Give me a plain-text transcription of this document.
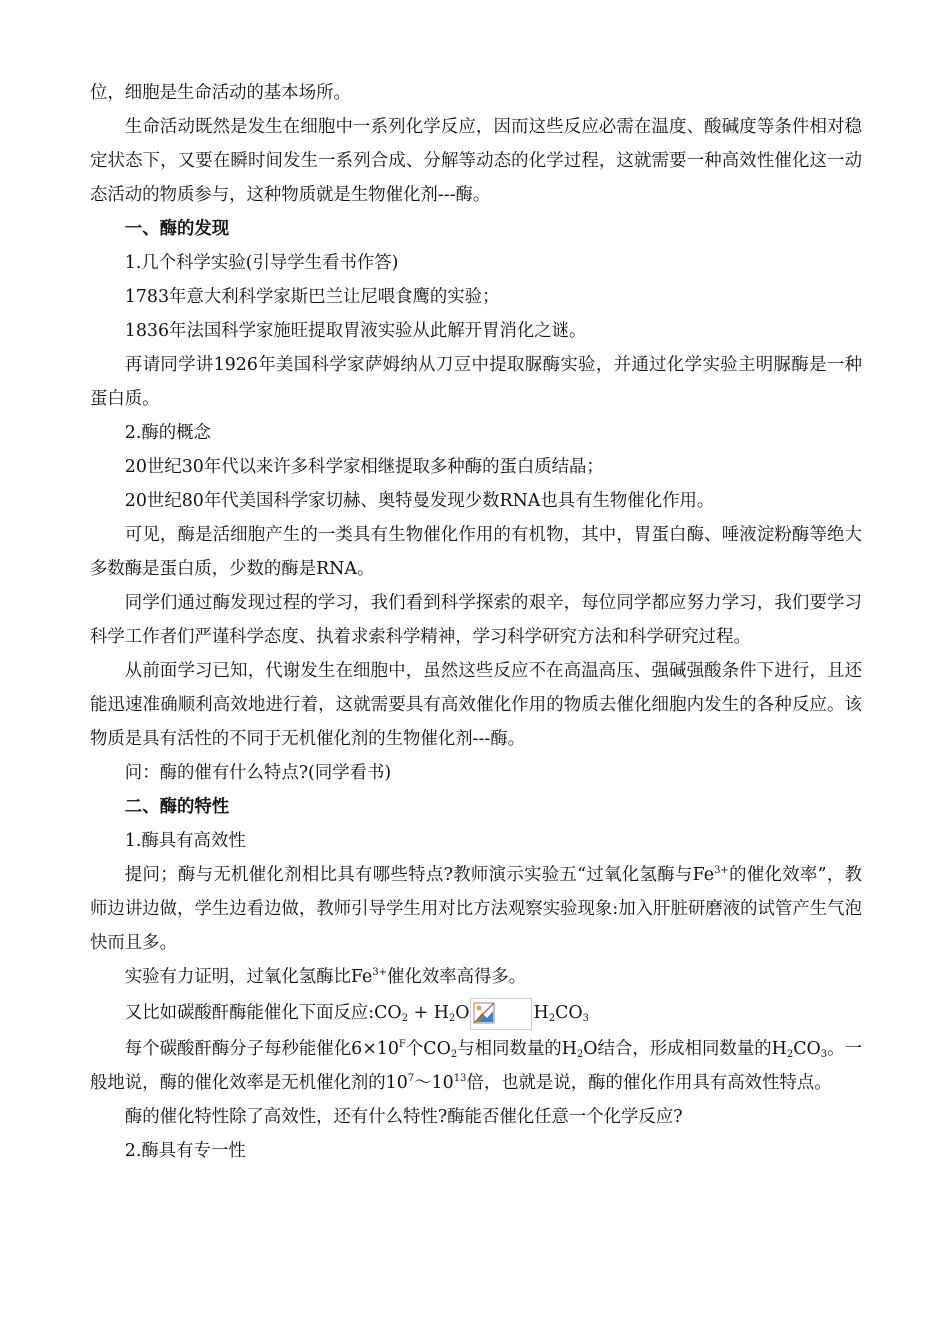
位，细胞是生命活动的基本场所。

生命活动既然是发生在细胞中一系列化学反应，因而这些反应必需在温度、酸碱度等条件相对稳定状态下，又要在瞬时间发生一系列合成、分解等动态的化学过程，这就需要一种高效性催化这一动态活动的物质参与，这种物质就是生物催化剂---酶。

一、酶的发现

1.几个科学实验(引导学生看书作答)

1783年意大利科学家斯巴兰让尼喂食鹰的实验；

1836年法国科学家施旺提取胃液实验从此解开胃消化之谜。

再请同学讲1926年美国科学家萨姆纳从刀豆中提取脲酶实验，并通过化学实验主明脲酶是一种蛋白质。

2.酶的概念

20世纪30年代以来许多科学家相继提取多种酶的蛋白质结晶；

20世纪80年代美国科学家切赫、奥特曼发现少数RNA也具有生物催化作用。

可见，酶是活细胞产生的一类具有生物催化作用的有机物，其中，胃蛋白酶、唾液淀粉酶等绝大多数酶是蛋白质，少数的酶是RNA。

同学们通过酶发现过程的学习，我们看到科学探索的艰辛，每位同学都应努力学习，我们要学习科学工作者们严谨科学态度、执着求索科学精神，学习科学研究方法和科学研究过程。

从前面学习已知，代谢发生在细胞中，虽然这些反应不在高温高压、强碱强酸条件下进行，且还能迅速准确顺利高效地进行着，这就需要具有高效催化作用的物质去催化细胞内发生的各种反应。该物质是具有活性的不同于无机催化剂的生物催化剂---酶。

问：酶的催有什么特点?(同学看书)

二、酶的特性

1.酶具有高效性

提问；酶与无机催化剂相比具有哪些特点?教师演示实验五“过氧化氢酶与$Fe^{3+}$的催化效率”，教师边讲边做，学生边看边做，教师引导学生用对比方法观察实验现象:加入肝脏研磨液的试管产生气泡快而且多。

实验有力证明，过氧化氢酶比$Fe^{3+}$催化效率高得多。

又比如碳酸酐酶能催化下面反应$:CO_2 + H_2O$	$H_2CO_3$

每个碳酸酐酶分子每秒能催化$6\times 10^F$个$CO_2$与相同数量的$H_2O$结合，形成相同数量的$H_2CO_3$。一般地说，酶的催化效率是无机催化剂的$10^7\sim 10^{13}$倍，也就是说，酶的催化作用具有高效性特点。

酶的催化特性除了高效性，还有什么特性?酶能否催化任意一个化学反应?

2.酶具有专一性
